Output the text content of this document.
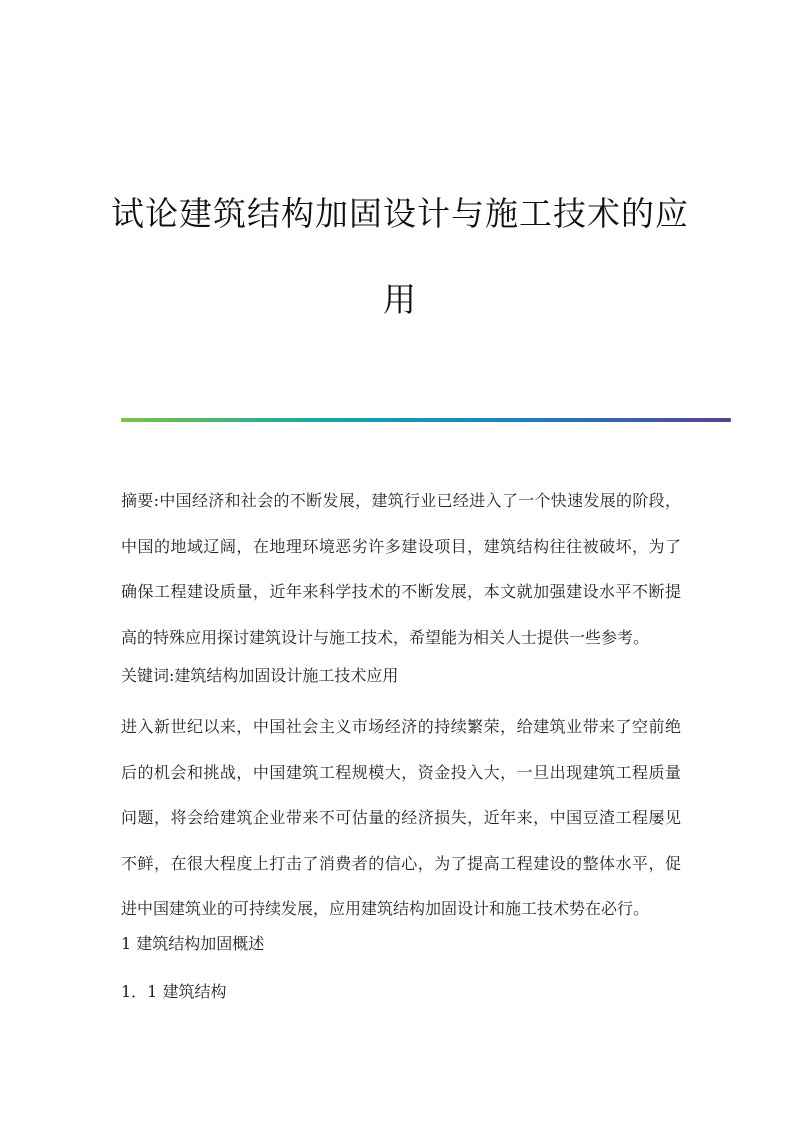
试论建筑结构加固设计与施工技术的应
用
摘要:中国经济和社会的不断发展，建筑行业已经进入了一个快速发展的阶段，
中国的地域辽阔，在地理环境恶劣许多建设项目，建筑结构往往被破坏，为了
确保工程建设质量，近年来科学技术的不断发展，本文就加强建设水平不断提
高的特殊应用探讨建筑设计与施工技术，希望能为相关人士提供一些参考。
关键词:建筑结构加固设计施工技术应用
进入新世纪以来，中国社会主义市场经济的持续繁荣，给建筑业带来了空前绝
后的机会和挑战，中国建筑工程规模大，资金投入大，一旦出现建筑工程质量
问题，将会给建筑企业带来不可估量的经济损失，近年来，中国豆渣工程屡见
不鲜，在很大程度上打击了消费者的信心，为了提高工程建设的整体水平，促
进中国建筑业的可持续发展，应用建筑结构加固设计和施工技术势在必行。
1 建筑结构加固概述
1．1 建筑结构
